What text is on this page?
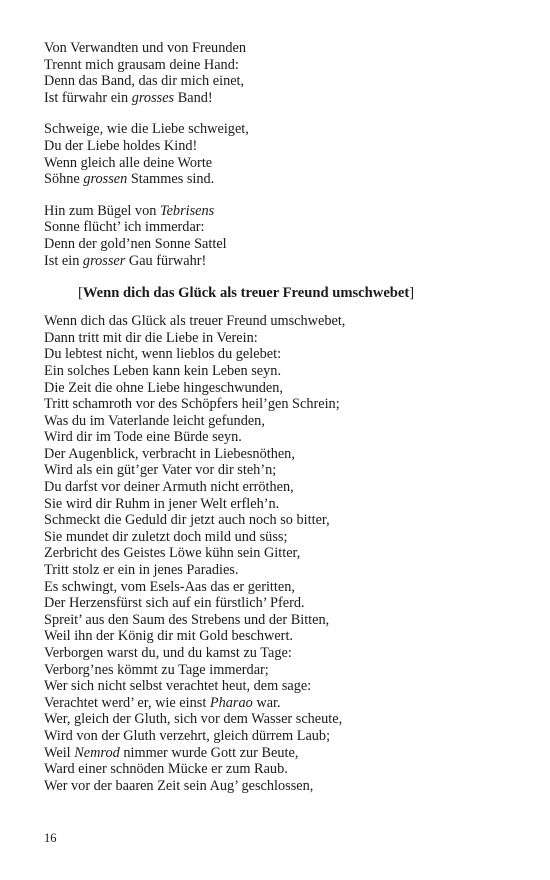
Von Verwandten und von Freunden
Trennt mich grausam deine Hand:
Denn das Band, das dir mich einet,
Ist fürwahr ein grosses Band!
Schweige, wie die Liebe schweiget,
Du der Liebe holdes Kind!
Wenn gleich alle deine Worte
Söhne grossen Stammes sind.
Hin zum Bügel von Tebrisens
Sonne flücht’ ich immerdar:
Denn der gold’nen Sonne Sattel
Ist ein grosser Gau fürwahr!
[Wenn dich das Glück als treuer Freund umschwebet]
Wenn dich das Glück als treuer Freund umschwebet,
Dann tritt mit dir die Liebe in Verein:
Du lebtest nicht, wenn lieblos du gelebet:
Ein solches Leben kann kein Leben seyn.
Die Zeit die ohne Liebe hingeschwunden,
Tritt schamroth vor des Schöpfers heil’gen Schrein;
Was du im Vaterlande leicht gefunden,
Wird dir im Tode eine Bürde seyn.
Der Augenblick, verbracht in Liebesnöthen,
Wird als ein güt’ger Vater vor dir steh’n;
Du darfst vor deiner Armuth nicht erröthen,
Sie wird dir Ruhm in jener Welt erfleh’n.
Schmeckt die Geduld dir jetzt auch noch so bitter,
Sie mundet dir zuletzt doch mild und süss;
Zerbricht des Geistes Löwe kühn sein Gitter,
Tritt stolz er ein in jenes Paradies.
Es schwingt, vom Esels-Aas das er geritten,
Der Herzensfürst sich auf ein fürstlich’ Pferd.
Spreit’ aus den Saum des Strebens und der Bitten,
Weil ihn der König dir mit Gold beschwert.
Verborgen warst du, und du kamst zu Tage:
Verborg’nes kömmt zu Tage immerdar;
Wer sich nicht selbst verachtet heut, dem sage:
Verachtet werd’ er, wie einst Pharao war.
Wer, gleich der Gluth, sich vor dem Wasser scheute,
Wird von der Gluth verzehrt, gleich dürrem Laub;
Weil Nemrod nimmer wurde Gott zur Beute,
Ward einer schnöden Mücke er zum Raub.
Wer vor der baaren Zeit sein Aug’ geschlossen,
16
